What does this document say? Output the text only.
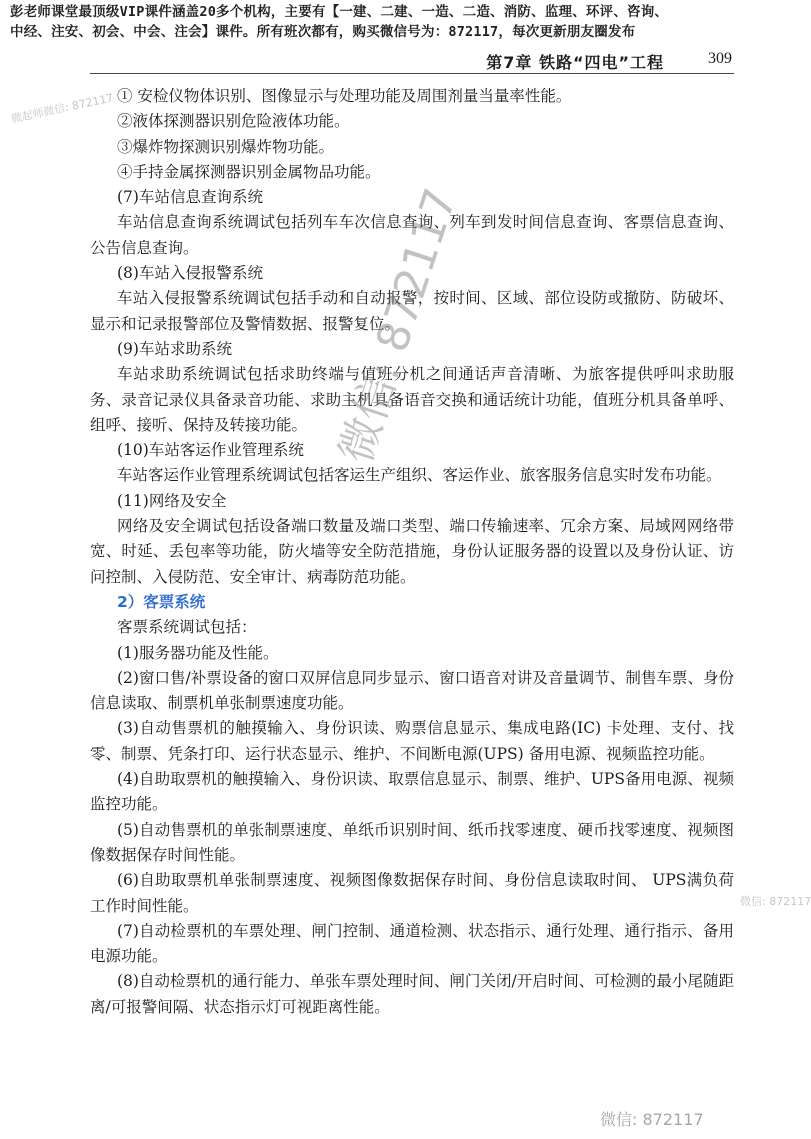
彭老师课堂最顶级VIP课件涵盖20多个机构，主要有【一建、二建、一造、二造、消防、监理、环评、咨询、
中经、注安、初会、中会、注会】课件。所有班次都有，购买微信号为：872117，每次更新朋友圈发布
第7章 铁路“四电”工程	309

① 安检仪物体识别、图像显示与处理功能及周围剂量当量率性能。

②液体探测器识别危险液体功能。

③爆炸物探测识别爆炸物功能。

④手持金属探测器识别金属物品功能。

(7)车站信息查询系统

车站信息查询系统调试包括列车车次信息查询、列车到发时间信息查询、客票信息查询、公告信息查询。

(8)车站入侵报警系统

车站入侵报警系统调试包括手动和自动报警，按时间、区域、部位设防或撤防、防破坏、显示和记录报警部位及警情数据、报警复位。

(9)车站求助系统

车站求助系统调试包括求助终端与值班分机之间通话声音清晰、为旅客提供呼叫求助服务、录音记录仪具备录音功能、求助主机具备语音交换和通话统计功能，值班分机具备单呼、组呼、接听、保持及转接功能。

(10)车站客运作业管理系统

车站客运作业管理系统调试包括客运生产组织、客运作业、旅客服务信息实时发布功能。

(11)网络及安全

网络及安全调试包括设备端口数量及端口类型、端口传输速率、冗余方案、局域网网络带宽、时延、丢包率等功能，防火墙等安全防范措施，身份认证服务器的设置以及身份认证、访问控制、入侵防范、安全审计、病毒防范功能。

2）客票系统

客票系统调试包括：

(1)服务器功能及性能。

(2)窗口售/补票设备的窗口双屏信息同步显示、窗口语音对讲及音量调节、制售车票、身份信息读取、制票机单张制票速度功能。

(3)自动售票机的触摸输入、身份识读、购票信息显示、集成电路(IC) 卡处理、支付、找零、制票、凭条打印、运行状态显示、维护、不间断电源(UPS) 备用电源、视频监控功能。

(4)自助取票机的触摸输入、身份识读、取票信息显示、制票、维护、UPS备用电源、视频监控功能。

(5)自动售票机的单张制票速度、单纸币识别时间、纸币找零速度、硬币找零速度、视频图像数据保存时间性能。

(6)自助取票机单张制票速度、视频图像数据保存时间、身份信息读取时间、 UPS满负荷工作时间性能。

(7)自动检票机的车票处理、闸门控制、通道检测、状态指示、通行处理、通行指示、备用电源功能。

(8)自动检票机的通行能力、单张车票处理时间、闸门关闭/开启时间、可检测的最小尾随距离/可报警间隔、状态指示灯可视距离性能。

微信: 872117
微起师微信: 872117
微信: 872117
微信: 872117
